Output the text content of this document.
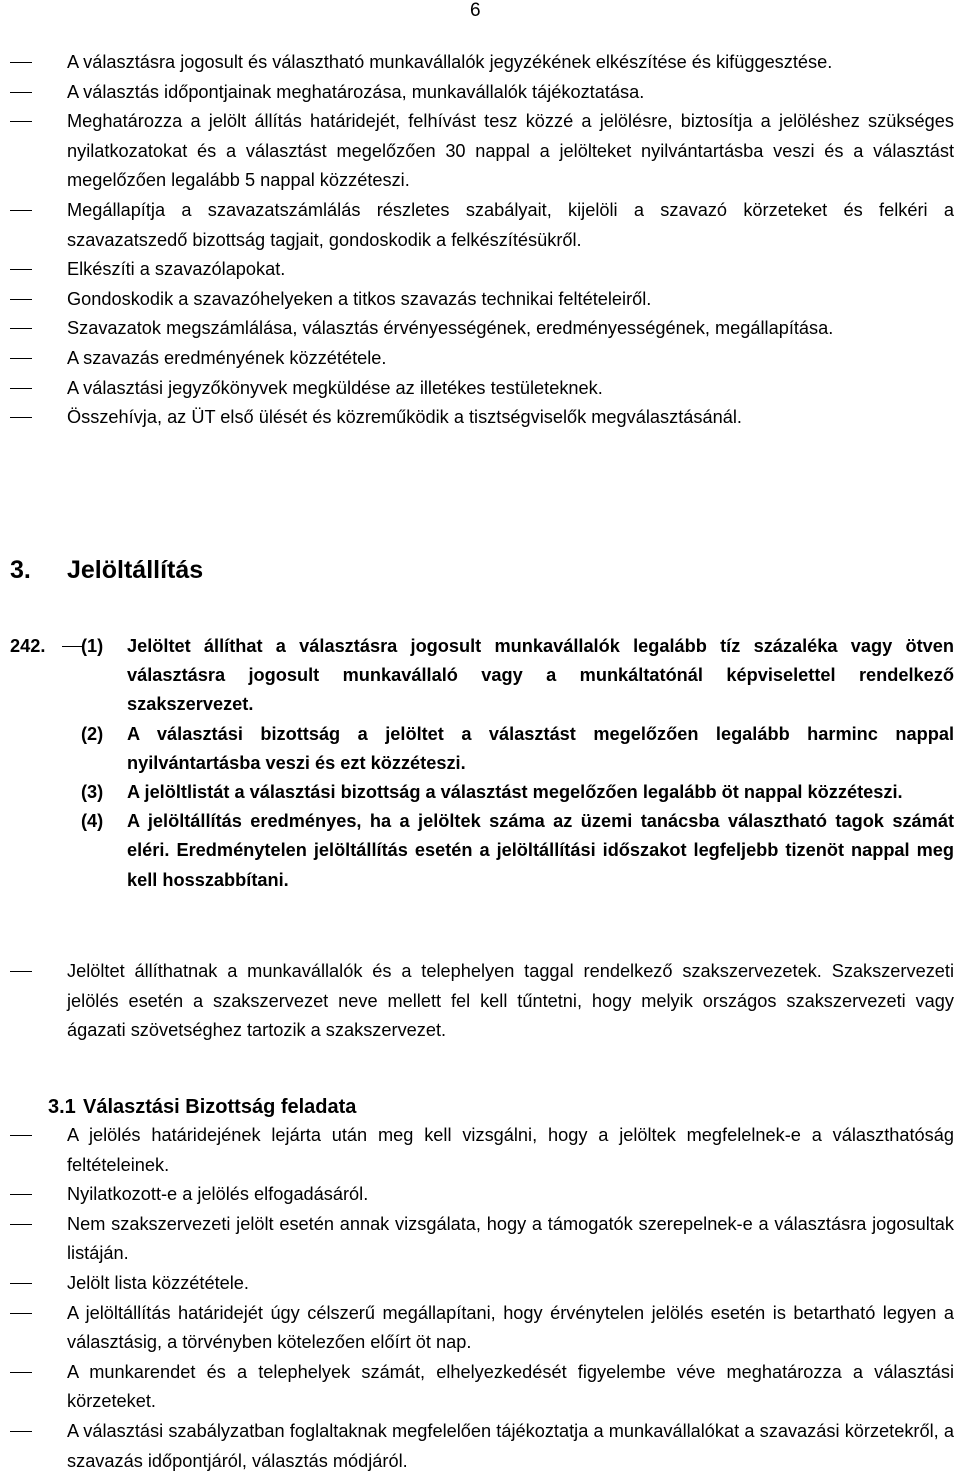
6
A választásra jogosult és választható munkavállalók jegyzékének elkészítése és kifüggesztése.
A választás időpontjainak meghatározása, munkavállalók tájékoztatása.
Meghatározza a jelölt állítás határidejét, felhívást tesz közzé a jelölésre, biztosítja a jelöléshez szükséges nyilatkozatokat és a választást megelőzően 30 nappal a jelölteket nyilvántartásba veszi és a választást megelőzően legalább 5 nappal közzéteszi.
Megállapítja a szavazatszámlálás részletes szabályait, kijelöli a szavazó körzeteket és felkéri a szavazatszedő bizottság tagjait, gondoskodik a felkészítésükről.
Elkészíti a szavazólapokat.
Gondoskodik a szavazóhelyeken a titkos szavazás technikai feltételeiről.
Szavazatok megszámlálása, választás érvényességének, eredményességének, megállapítása.
A szavazás eredményének közzététele.
A választási jegyzőkönyvek megküldése az illetékes testületeknek.
Összehívja, az ÜT első ülését és közreműködik a tisztségviselők megválasztásánál.
3. Jelöltállítás
242. (1) Jelöltet állíthat a választásra jogosult munkavállalók legalább tíz százaléka vagy ötven választásra jogosult munkavállaló vagy a munkáltatónál képviselettel rendelkező szakszervezet.
(2) A választási bizottság a jelöltet a választást megelőzően legalább harminc nappal nyilvántartásba veszi és ezt közzéteszi.
(3) A jelöltlistát a választási bizottság a választást megelőzően legalább öt nappal közzéteszi.
(4) A jelöltállítás eredményes, ha a jelöltek száma az üzemi tanácsba választható tagok számát eléri. Eredménytelen jelöltállítás esetén a jelöltállítási időszakot legfeljebb tizenöt nappal meg kell hosszabbítani.
Jelöltet állíthatnak a munkavállalók és a telephelyen taggal rendelkező szakszervezetek. Szakszervezeti jelölés esetén a szakszervezet neve mellett fel kell tűntetni, hogy melyik országos szakszervezeti vagy ágazati szövetséghez tartozik a szakszervezet.
3.1 Választási Bizottság feladata
A jelölés határidejének lejárta után meg kell vizsgálni, hogy a jelöltek megfelelnek-e a választhatóság feltételeinek.
Nyilatkozott-e a jelölés elfogadásáról.
Nem szakszervezeti jelölt esetén annak vizsgálata, hogy a támogatók szerepelnek-e a választásra jogosultak listáján.
Jelölt lista közzététele.
A jelöltállítás határidejét úgy célszerű megállapítani, hogy érvénytelen jelölés esetén is betartható legyen a választásig, a törvényben kötelezően előírt öt nap.
A munkarendet és a telephelyek számát, elhelyezkedését figyelembe véve meghatározza a választási körzeteket.
A választási szabályzatban foglaltaknak megfelelően tájékoztatja a munkavállalókat a szavazási körzetekről, a szavazás időpontjáról, választás módjáról.
